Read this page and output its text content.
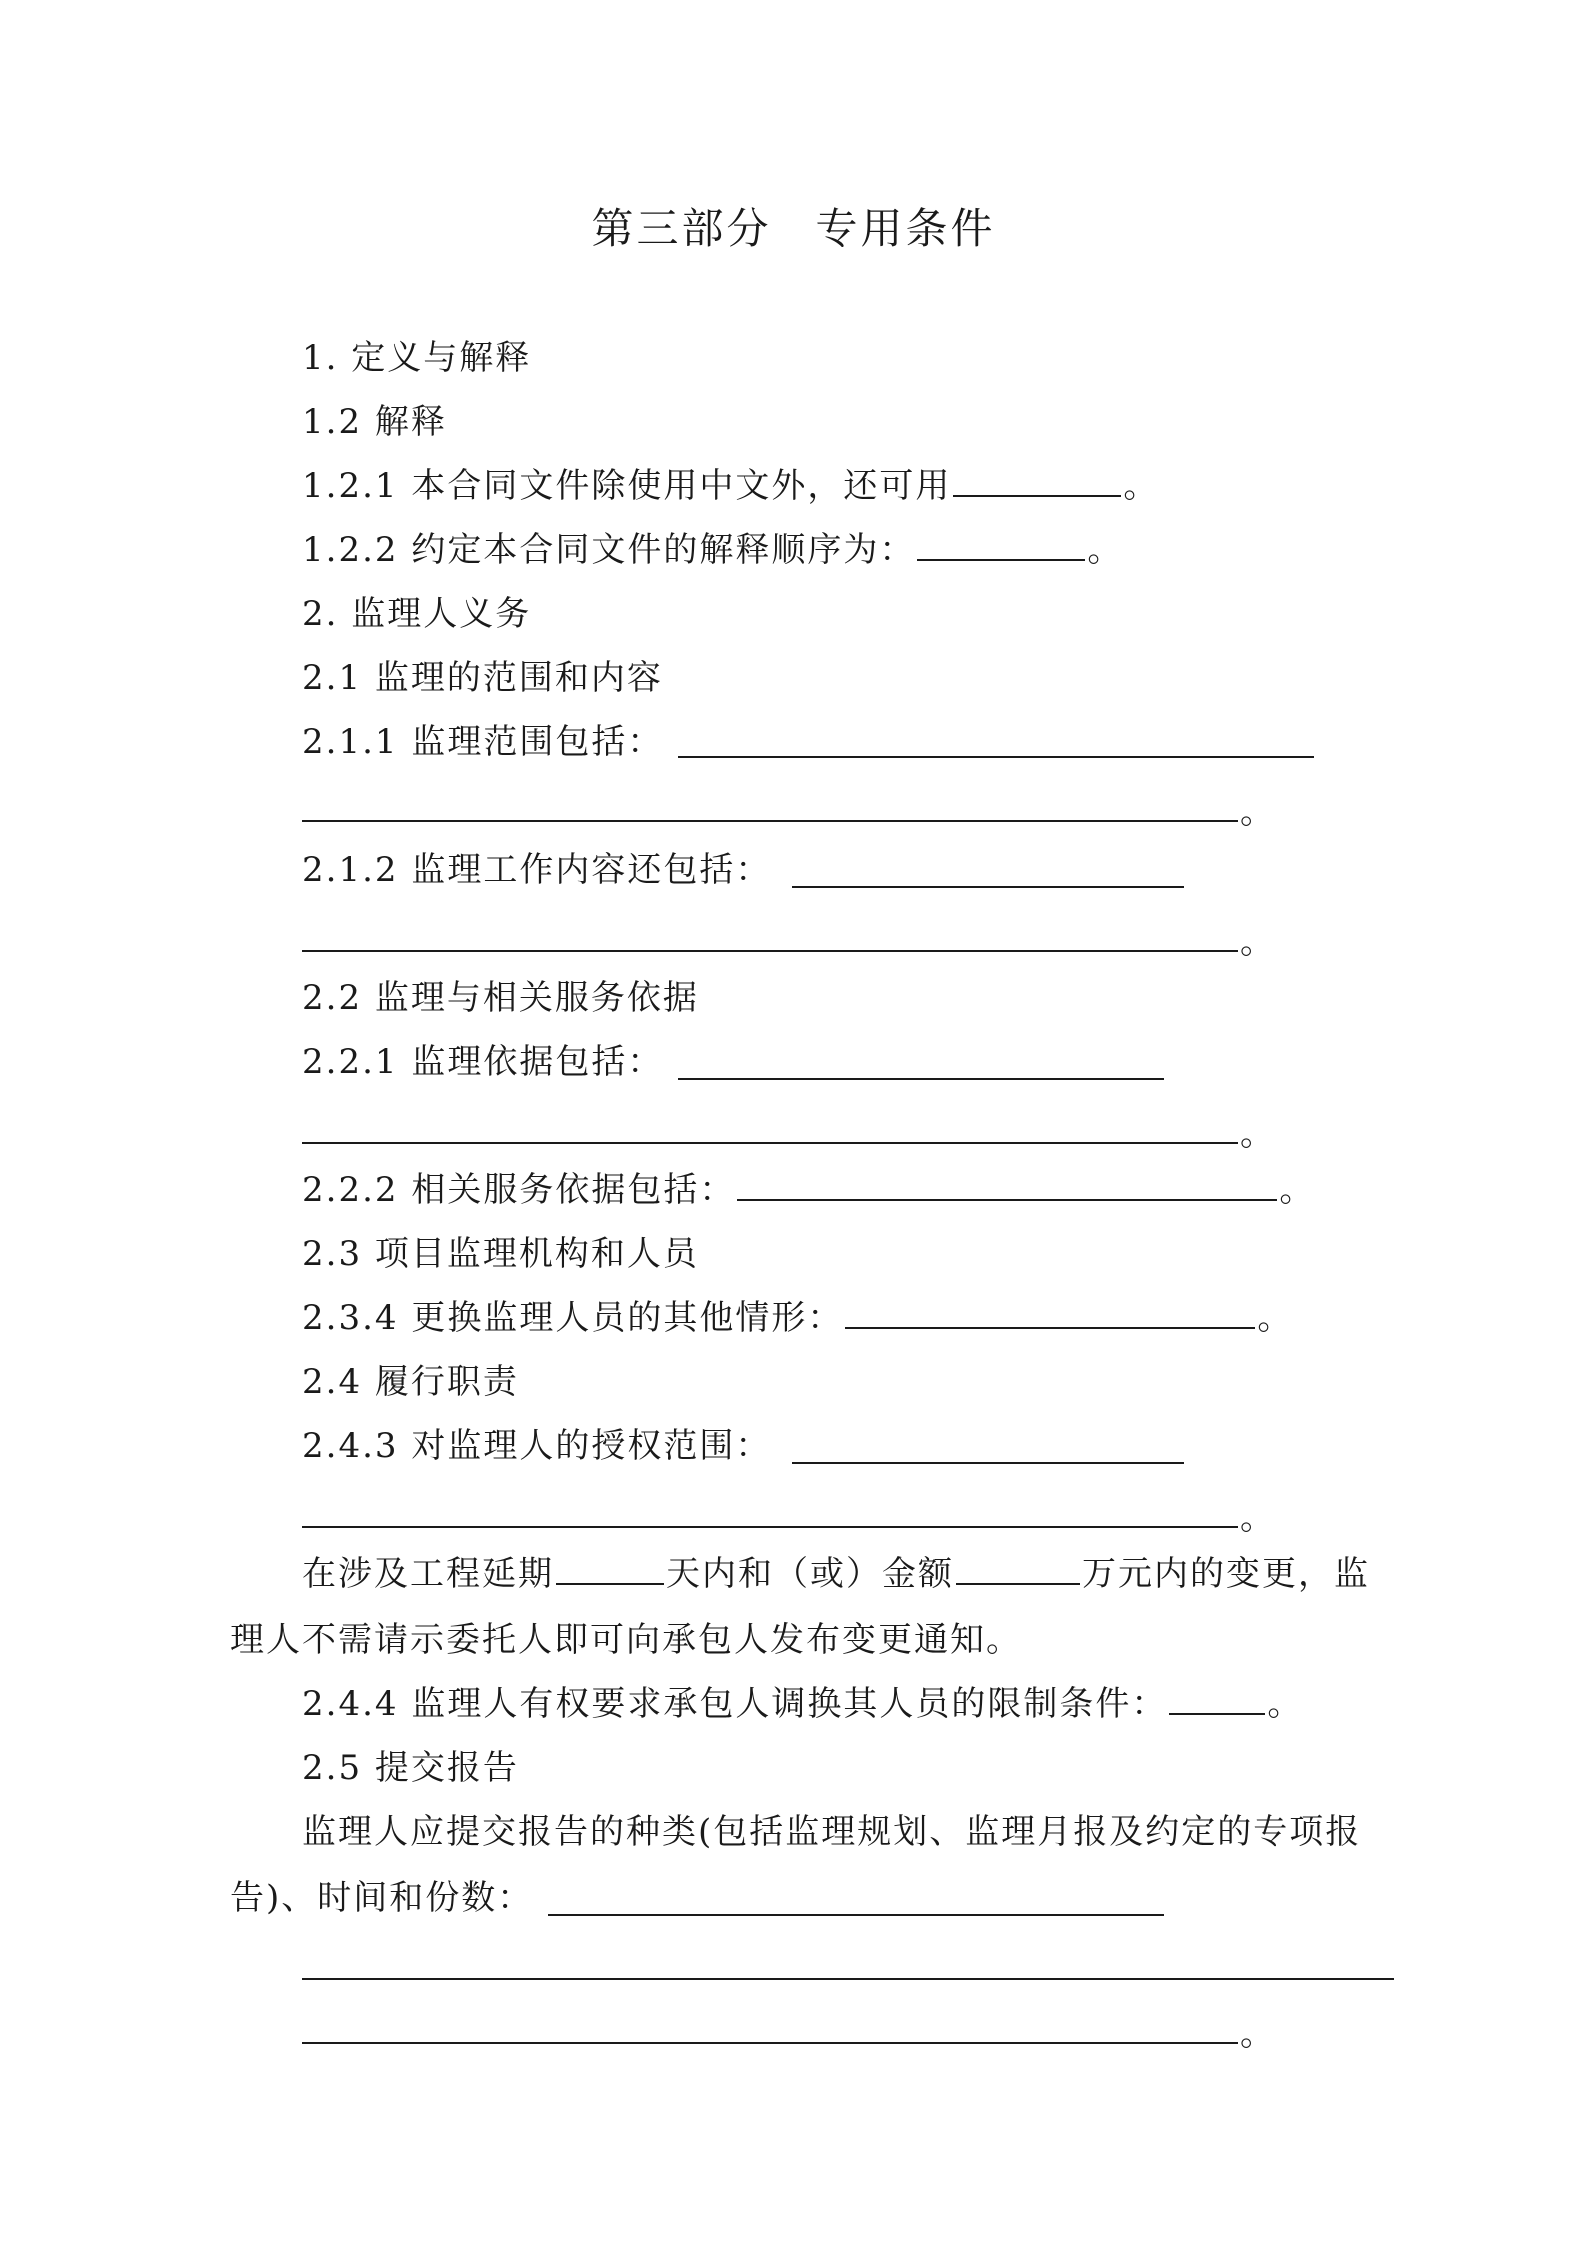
第三部分 专用条件
1. 定义与解释
1.2 解释
1.2.1 本合同文件除使用中文外，还可用	。
1.2.2 约定本合同文件的解释顺序为：	。
2. 监理人义务
2.1 监理的范围和内容
2.1.1 监理范围包括：
。
2.1.2 监理工作内容还包括：
。
2.2 监理与相关服务依据
2.2.1 监理依据包括：
。
2.2.2 相关服务依据包括：	。
2.3 项目监理机构和人员
2.3.4 更换监理人员的其他情形：	。
2.4 履行职责
2.4.3 对监理人的授权范围：
。
在涉及工程延期	天内和（或）金额	万元内的变更，监
理人不需请示委托人即可向承包人发布变更通知。
2.4.4 监理人有权要求承包人调换其人员的限制条件：	。
2.5 提交报告
监理人应提交报告的种类(包括监理规划、监理月报及约定的专项报
告)、时间和份数：
。
